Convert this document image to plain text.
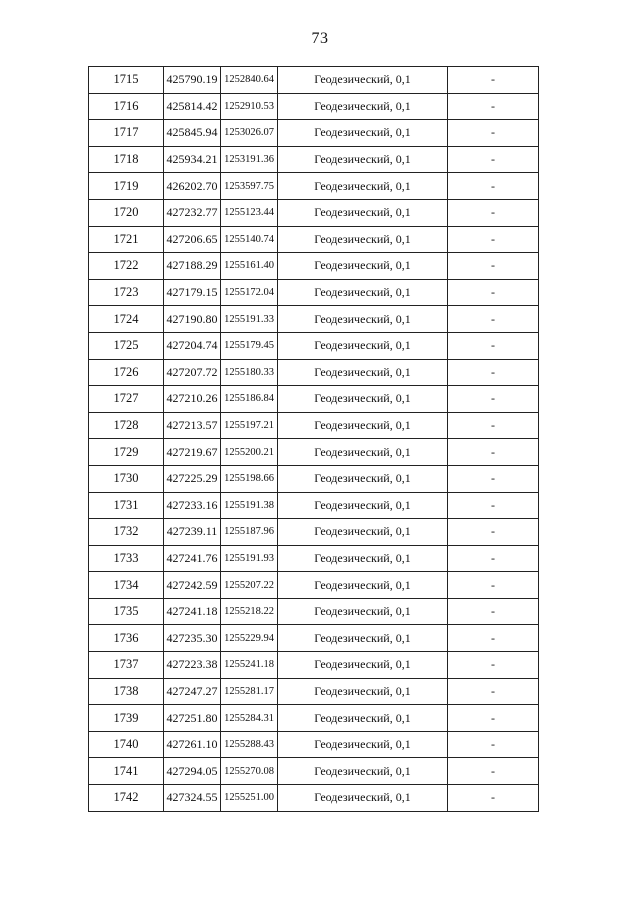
73
1715	425790.19	1252840.64	Геодезический, 0,1	-
1716	425814.42	1252910.53	Геодезический, 0,1	-
1717	425845.94	1253026.07	Геодезический, 0,1	-
1718	425934.21	1253191.36	Геодезический, 0,1	-
1719	426202.70	1253597.75	Геодезический, 0,1	-
1720	427232.77	1255123.44	Геодезический, 0,1	-
1721	427206.65	1255140.74	Геодезический, 0,1	-
1722	427188.29	1255161.40	Геодезический, 0,1	-
1723	427179.15	1255172.04	Геодезический, 0,1	-
1724	427190.80	1255191.33	Геодезический, 0,1	-
1725	427204.74	1255179.45	Геодезический, 0,1	-
1726	427207.72	1255180.33	Геодезический, 0,1	-
1727	427210.26	1255186.84	Геодезический, 0,1	-
1728	427213.57	1255197.21	Геодезический, 0,1	-
1729	427219.67	1255200.21	Геодезический, 0,1	-
1730	427225.29	1255198.66	Геодезический, 0,1	-
1731	427233.16	1255191.38	Геодезический, 0,1	-
1732	427239.11	1255187.96	Геодезический, 0,1	-
1733	427241.76	1255191.93	Геодезический, 0,1	-
1734	427242.59	1255207.22	Геодезический, 0,1	-
1735	427241.18	1255218.22	Геодезический, 0,1	-
1736	427235.30	1255229.94	Геодезический, 0,1	-
1737	427223.38	1255241.18	Геодезический, 0,1	-
1738	427247.27	1255281.17	Геодезический, 0,1	-
1739	427251.80	1255284.31	Геодезический, 0,1	-
1740	427261.10	1255288.43	Геодезический, 0,1	-
1741	427294.05	1255270.08	Геодезический, 0,1	-
1742	427324.55	1255251.00	Геодезический, 0,1	-
